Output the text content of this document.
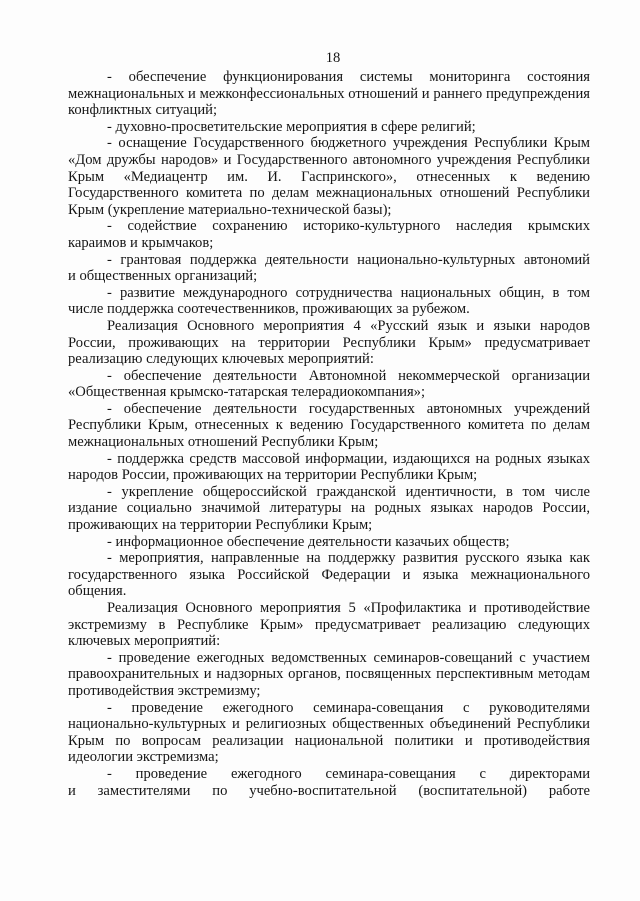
18
- обеспечение функционирования системы мониторинга состояния
межнациональных и межконфессиональных отношений и раннего предупреждения
конфликтных ситуаций;
- духовно-просветительские мероприятия в сфере религий;
- оснащение Государственного бюджетного учреждения Республики Крым
«Дом дружбы народов» и Государственного автономного учреждения Республики
Крым «Медиацентр им. И. Гаспринского», отнесенных к ведению
Государственного комитета по делам межнациональных отношений Республики
Крым (укрепление материально-технической базы);
- содействие сохранению историко-культурного наследия крымских
караимов и крымчаков;
- грантовая поддержка деятельности национально-культурных автономий
и общественных организаций;
- развитие международного сотрудничества национальных общин, в том
числе поддержка соотечественников, проживающих за рубежом.
Реализация Основного мероприятия 4 «Русский язык и языки народов
России, проживающих на территории Республики Крым» предусматривает
реализацию следующих ключевых мероприятий:
- обеспечение деятельности Автономной некоммерческой организации
«Общественная крымско-татарская телерадиокомпания»;
- обеспечение деятельности государственных автономных учреждений
Республики Крым, отнесенных к ведению Государственного комитета по делам
межнациональных отношений Республики Крым;
- поддержка средств массовой информации, издающихся на родных языках
народов России, проживающих на территории Республики Крым;
- укрепление общероссийской гражданской идентичности, в том числе
издание социально значимой литературы на родных языках народов России,
проживающих на территории Республики Крым;
- информационное обеспечение деятельности казачьих обществ;
- мероприятия, направленные на поддержку развития русского языка как
государственного языка Российской Федерации и языка межнационального
общения.
Реализация Основного мероприятия 5 «Профилактика и противодействие
экстремизму в Республике Крым» предусматривает реализацию следующих
ключевых мероприятий:
- проведение ежегодных ведомственных семинаров-совещаний с участием
правоохранительных и надзорных органов, посвященных перспективным методам
противодействия экстремизму;
- проведение ежегодного семинара-совещания с руководителями
национально-культурных и религиозных общественных объединений Республики
Крым по вопросам реализации национальной политики и противодействия
идеологии экстремизма;
- проведение ежегодного семинара-совещания с директорами
и заместителями по учебно-воспитательной (воспитательной) работе
